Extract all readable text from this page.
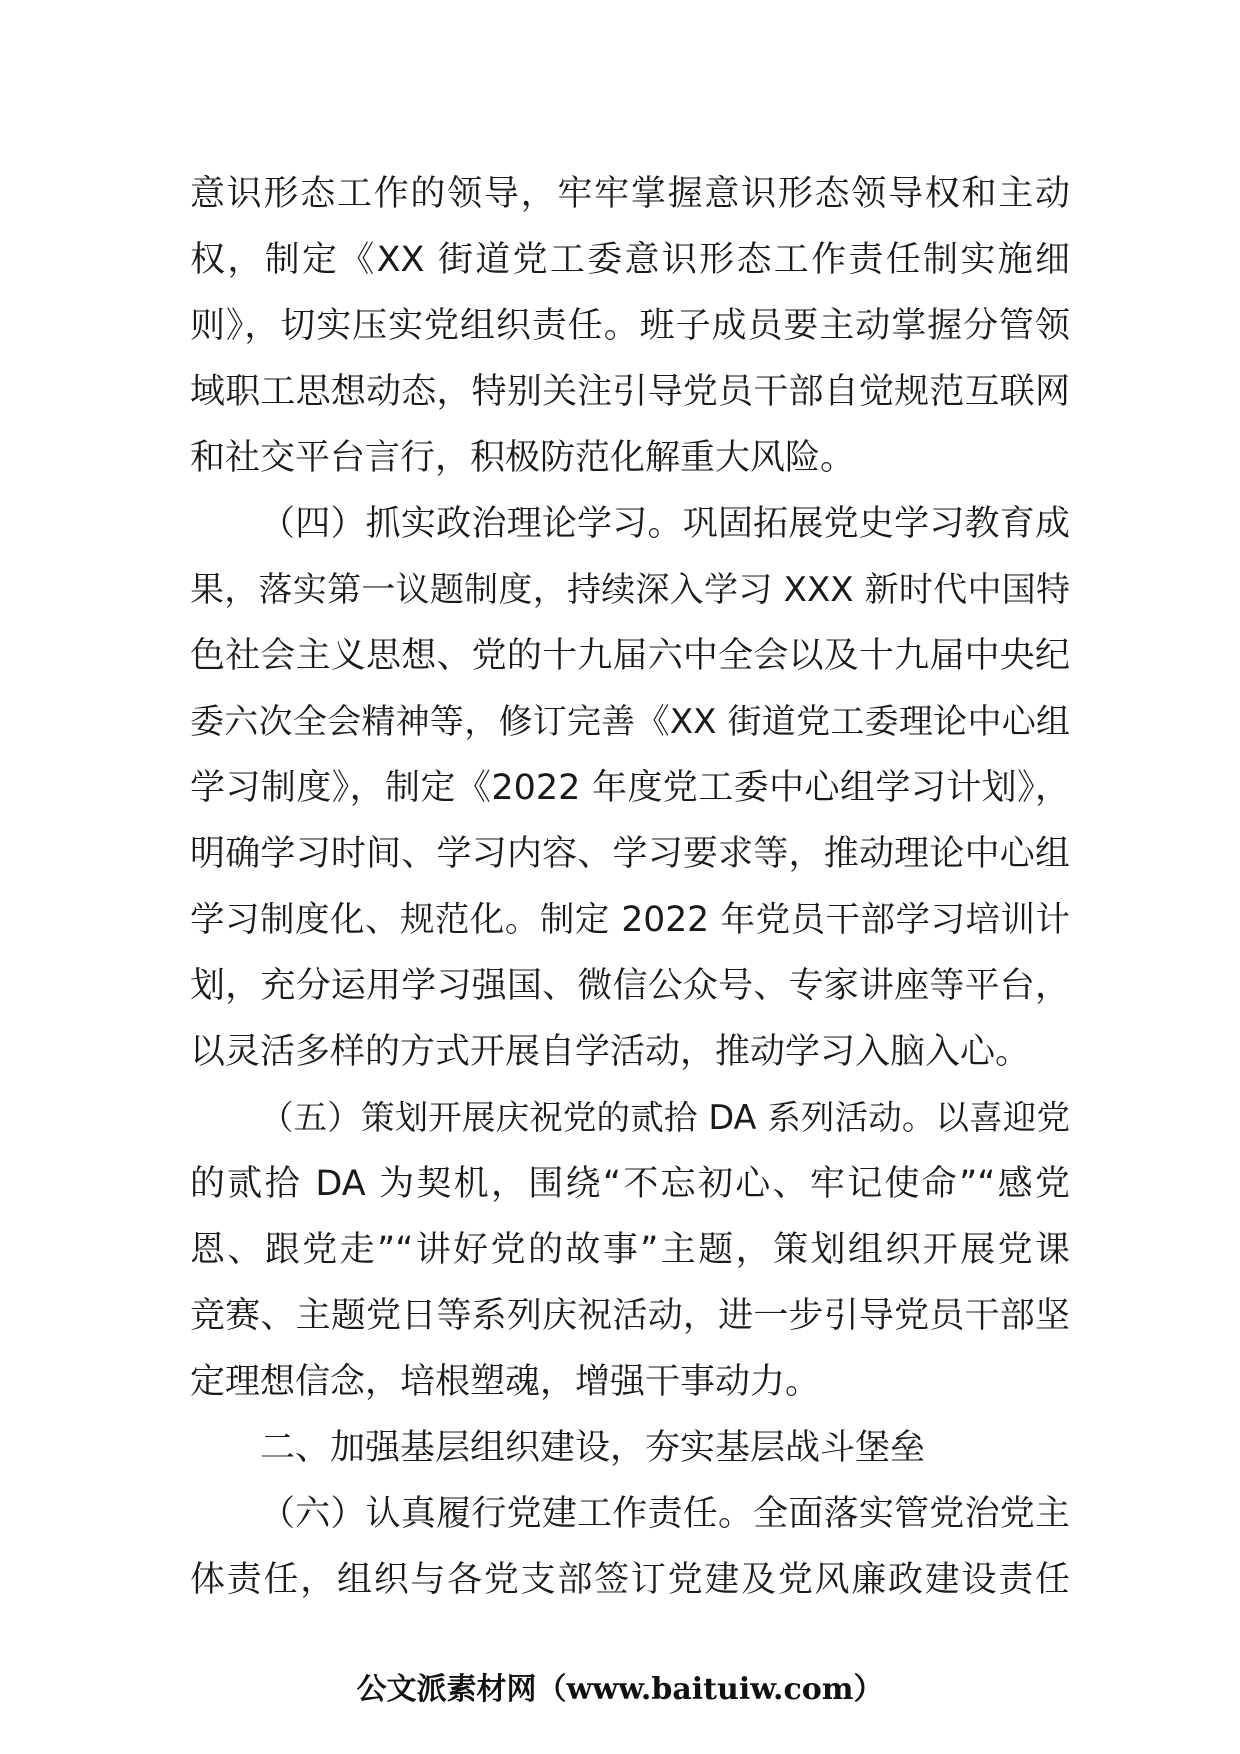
意识形态工作的领导，牢牢掌握意识形态领导权和主动
权，制定《XX 街道党工委意识形态工作责任制实施细
则》，切实压实党组织责任。班子成员要主动掌握分管领
域职工思想动态，特别关注引导党员干部自觉规范互联网
和社交平台言行，积极防范化解重大风险。
（四）抓实政治理论学习。巩固拓展党史学习教育成
果，落实第一议题制度，持续深入学习 XXX 新时代中国特
色社会主义思想、党的十九届六中全会以及十九届中央纪
委六次全会精神等，修订完善《XX 街道党工委理论中心组
学习制度》，制定《2022 年度党工委中心组学习计划》，
明确学习时间、学习内容、学习要求等，推动理论中心组
学习制度化、规范化。制定 2022 年党员干部学习培训计
划，充分运用学习强国、微信公众号、专家讲座等平台，
以灵活多样的方式开展自学活动，推动学习入脑入心。
（五）策划开展庆祝党的贰拾 DA 系列活动。以喜迎党
的贰拾 DA 为契机，围绕“不忘初心、牢记使命”“感党
恩、跟党走”“讲好党的故事”主题，策划组织开展党课
竞赛、主题党日等系列庆祝活动，进一步引导党员干部坚
定理想信念，培根塑魂，增强干事动力。
二、加强基层组织建设，夯实基层战斗堡垒
（六）认真履行党建工作责任。全面落实管党治党主
体责任，组织与各党支部签订党建及党风廉政建设责任
公文派素材网（www.baituiw.com）
